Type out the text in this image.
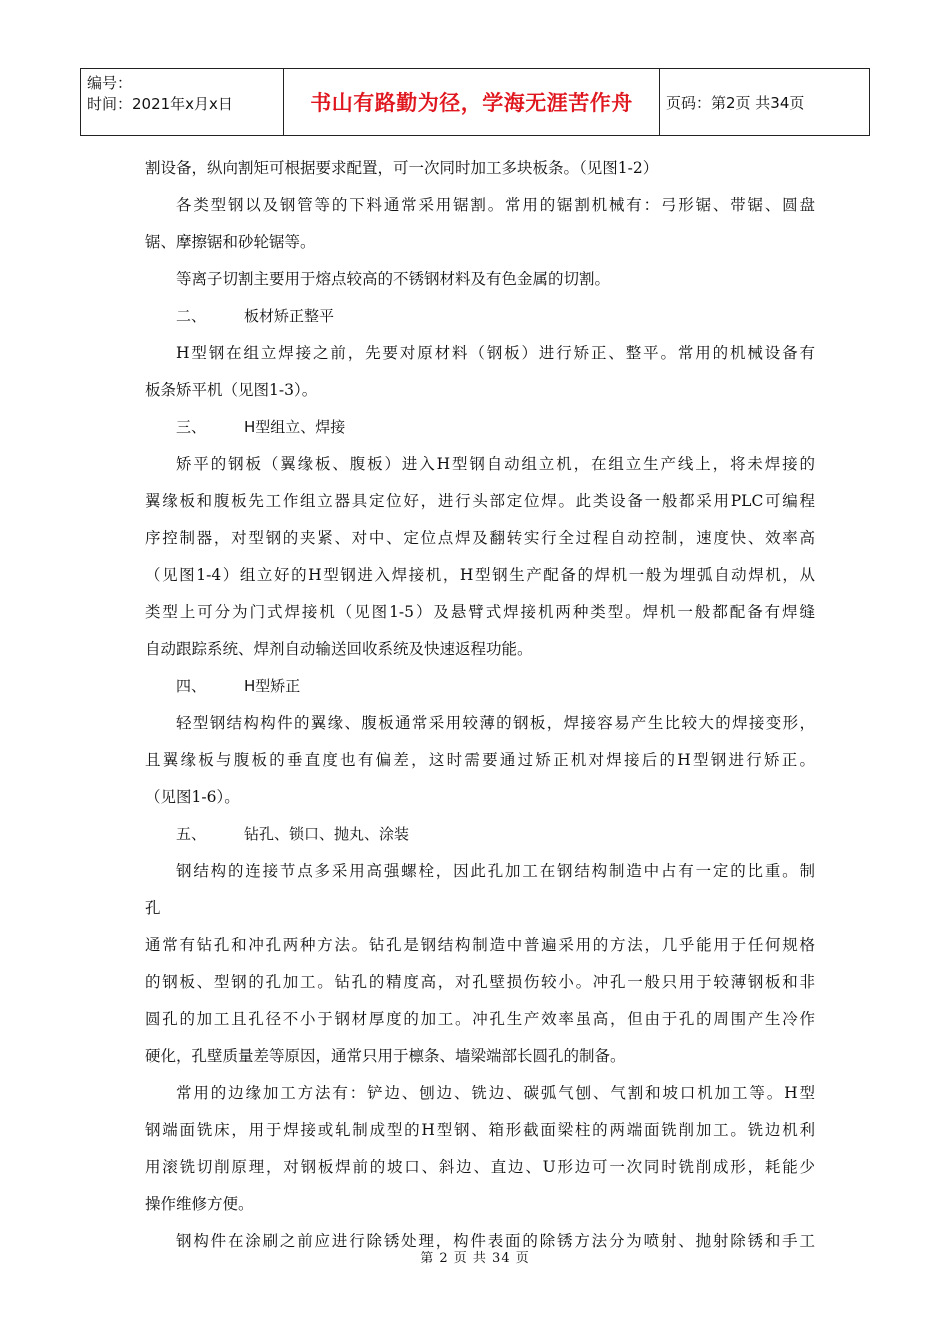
编号：
时间：2021年x月x日	书山有路勤为径，学海无涯苦作舟	页码：第2页 共34页
割设备，纵向割矩可根据要求配置，可一次同时加工多块板条。（见图1-2）
各类型钢以及钢管等的下料通常采用锯割。常用的锯割机械有：弓形锯、带锯、圆盘
锯、摩擦锯和砂轮锯等。
等离子切割主要用于熔点较高的不锈钢材料及有色金属的切割。
二、	板材矫正整平
H型钢在组立焊接之前，先要对原材料（钢板）进行矫正、整平。常用的机械设备有
板条矫平机（见图1-3）。
三、	H型组立、焊接
矫平的钢板（翼缘板、腹板）进入H型钢自动组立机，在组立生产线上，将未焊接的
翼缘板和腹板先工作组立器具定位好，进行头部定位焊。此类设备一般都采用PLC可编程
序控制器，对型钢的夹紧、对中、定位点焊及翻转实行全过程自动控制，速度快、效率高
（见图1-4）组立好的H型钢进入焊接机，H型钢生产配备的焊机一般为埋弧自动焊机，从
类型上可分为门式焊接机（见图1-5）及悬臂式焊接机两种类型。焊机一般都配备有焊缝
自动跟踪系统、焊剂自动输送回收系统及快速返程功能。
四、	H型矫正
轻型钢结构构件的翼缘、腹板通常采用较薄的钢板，焊接容易产生比较大的焊接变形，
且翼缘板与腹板的垂直度也有偏差，这时需要通过矫正机对焊接后的H型钢进行矫正。
（见图1-6）。
五、	钻孔、锁口、抛丸、涂装
钢结构的连接节点多采用高强螺栓，因此孔加工在钢结构制造中占有一定的比重。制
孔
通常有钻孔和冲孔两种方法。钻孔是钢结构制造中普遍采用的方法，几乎能用于任何规格
的钢板、型钢的孔加工。钻孔的精度高，对孔壁损伤较小。冲孔一般只用于较薄钢板和非
圆孔的加工且孔径不小于钢材厚度的加工。冲孔生产效率虽高，但由于孔的周围产生冷作
硬化，孔壁质量差等原因，通常只用于檩条、墙梁端部长圆孔的制备。
常用的边缘加工方法有：铲边、刨边、铣边、碳弧气刨、气割和坡口机加工等。H型
钢端面铣床，用于焊接或轧制成型的H型钢、箱形截面梁柱的两端面铣削加工。铣边机利
用滚铣切削原理，对钢板焊前的坡口、斜边、直边、U形边可一次同时铣削成形，耗能少
操作维修方便。
钢构件在涂刷之前应进行除锈处理，构件表面的除锈方法分为喷射、抛射除锈和手工
第 2 页 共 34 页
